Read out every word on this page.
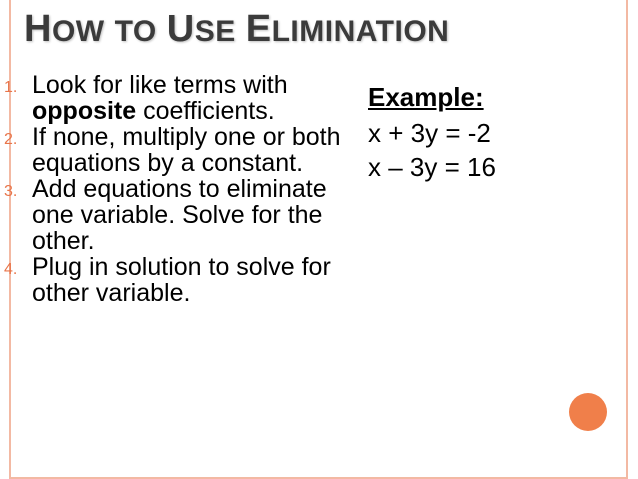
HOW TO USE ELIMINATION
1. Look for like terms with opposite coefficients.
2. If none, multiply one or both equations by a constant.
3. Add equations to eliminate one variable. Solve for the other.
4. Plug in solution to solve for other variable.
Example:
x + 3y = -2
x – 3y = 16
